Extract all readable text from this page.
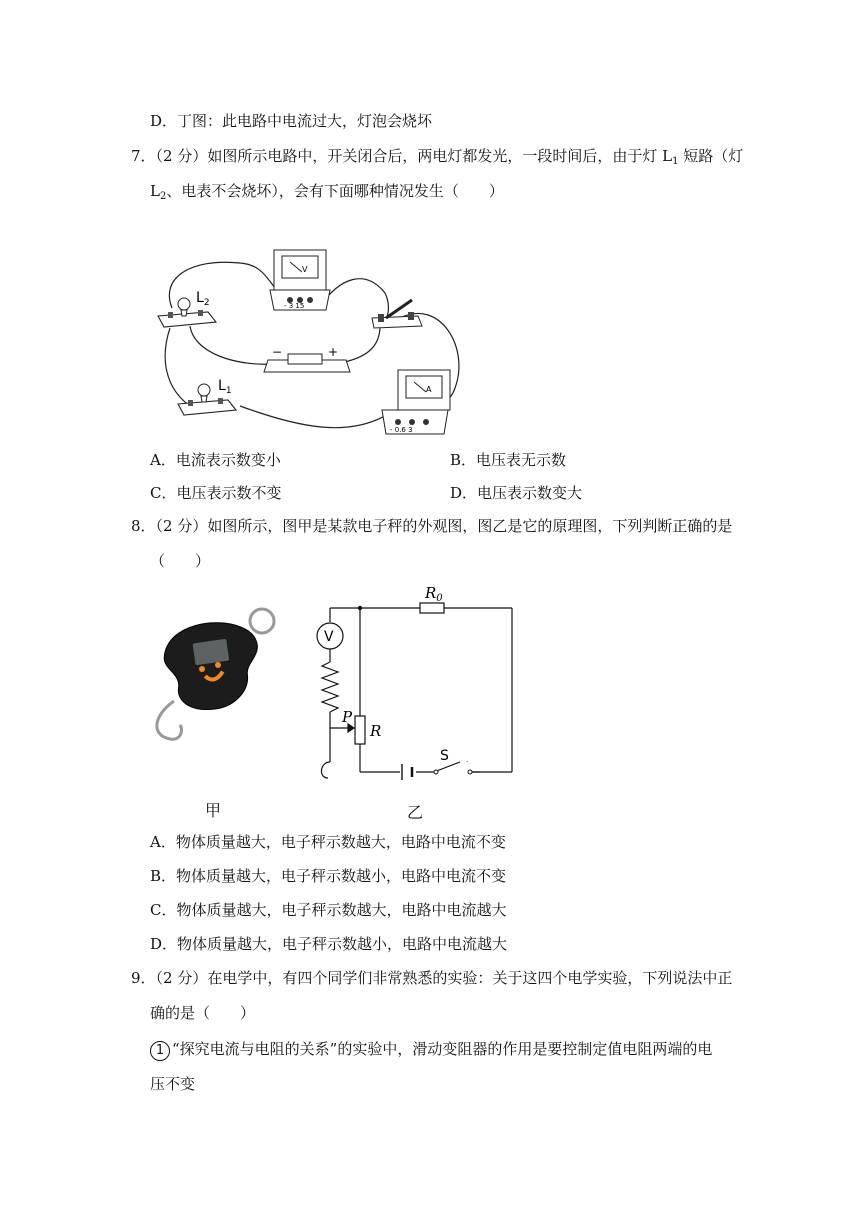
D．丁图：此电路中电流过大，灯泡会烧坏
7．（2 分）如图所示电路中，开关闭合后，两电灯都发光，一段时间后，由于灯 $L_1$ 短路（灯
$L_2$、电表不会烧坏），会有下面哪种情况发生（　　）
$L_2$
$L_1$
V
- 3 15
−	+
A
- 0.6 3
A．电流表示数变小	B．电压表无示数
C．电压表示数不变	D．电压表示数变大
8．（2 分）如图所示，图甲是某款电子秤的外观图，图乙是它的原理图，下列判断正确的是
（　　）
$R_0$
V
P
R
S
甲	乙
A．物体质量越大，电子秤示数越大，电路中电流不变
B．物体质量越大，电子秤示数越小，电路中电流不变
C．物体质量越大，电子秤示数越大，电路中电流越大
D．物体质量越大，电子秤示数越小，电路中电流越大
9．（2 分）在电学中，有四个同学们非常熟悉的实验：关于这四个电学实验，下列说法中正
确的是（　　）
1 “探究电流与电阻的关系”的实验中，滑动变阻器的作用是要控制定值电阻两端的电
压不变
